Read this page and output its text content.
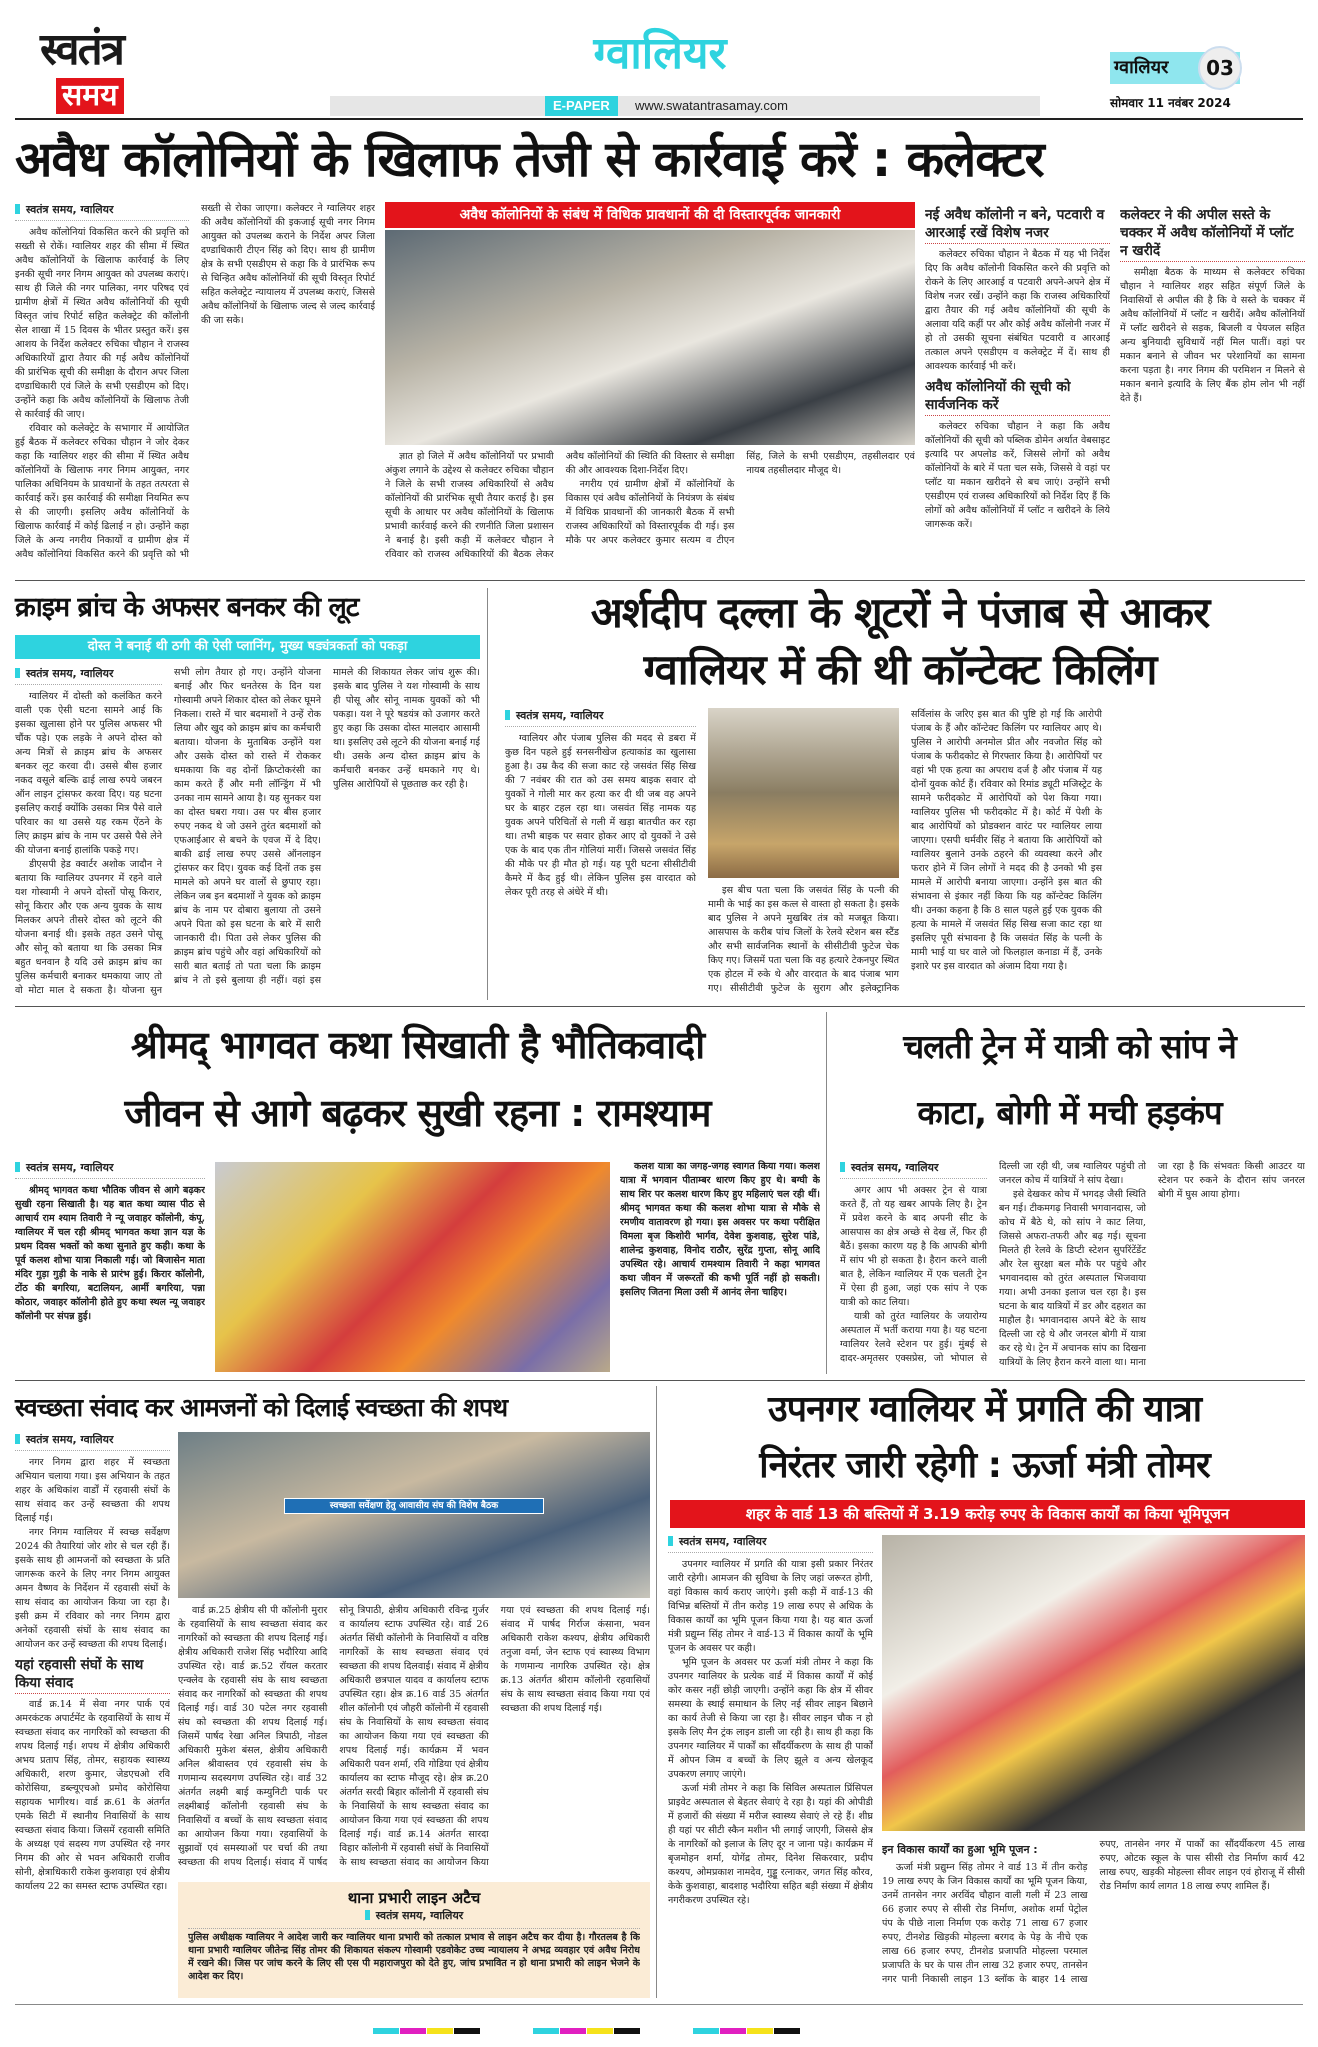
स्वतंत्र
समय
ग्वालियर
E-PAPER	www.swatantrasamay.com
ग्वालियर	03
सोमवार 11 नवंबर 2024
अवैध कॉलोनियों के खिलाफ तेजी से कार्रवाई करें : कलेक्टर
स्वतंत्र समय, ग्वालियर

अवैध कॉलोनियां विकसित करने की प्रवृत्ति को सख्ती से रोकें। ग्वालियर शहर की सीमा में स्थित अवैध कॉलोनियों के खिलाफ कार्रवाई के लिए इनकी सूची नगर निगम आयुक्त को उपलब्ध कराएं। साथ ही जिले की नगर पालिका, नगर परिषद एवं ग्रामीण क्षेत्रों में स्थित अवैध कॉलोनियों की सूची विस्तृत जांच रिपोर्ट सहित कलेक्ट्रेट की कॉलोनी सेल शाखा में 15 दिवस के भीतर प्रस्तुत करें। इस आशय के निर्देश कलेक्टर रुचिका चौहान ने राजस्व अधिकारियों द्वारा तैयार की गई अवैध कॉलोनियों की प्रारंभिक सूची की समीक्षा के दौरान अपर जिला दण्डाधिकारी एवं जिले के सभी एसडीएम को दिए। उन्होंने कहा कि अवैध कॉलोनियों के खिलाफ तेजी से कार्रवाई की जाए।

रविवार को कलेक्ट्रेट के सभागार में आयोजित हुई बैठक में कलेक्टर रुचिका चौहान ने जोर देकर कहा कि ग्वालियर शहर की सीमा में स्थित अवैध कॉलोनियों के खिलाफ नगर निगम आयुक्त, नगर पालिका अधिनियम के प्रावधानों के तहत तत्परता से कार्रवाई करें। इस कार्रवाई की समीक्षा नियमित रूप से की जाएगी। इसलिए अवैध कॉलोनियों के खिलाफ कार्रवाई में कोई ढिलाई न हो। उन्होंने कहा जिले के अन्य नगरीय निकायों व ग्रामीण क्षेत्र में अवैध कॉलोनियां विकसित करने की प्रवृत्ति को भी सख्ती से रोका जाएगा। कलेक्टर ने ग्वालियर शहर की अवैध कॉलोनियों की इकजाई सूची नगर निगम आयुक्त को उपलब्ध कराने के निर्देश अपर जिला दण्डाधिकारी टीएन सिंह को दिए। साथ ही ग्रामीण क्षेत्र के सभी एसडीएम से कहा कि वे प्रारंभिक रूप से चिन्हित अवैध कॉलोनियों की सूची विस्तृत रिपोर्ट सहित कलेक्ट्रेट न्यायालय में उपलब्ध कराएं, जिससे अवैध कॉलोनियों के खिलाफ जल्द से जल्द कार्रवाई की जा सके।

अवैध कॉलोनियों के संबंध में विधिक प्रावधानों की दी विस्तारपूर्वक जानकारी

ज्ञात हो जिले में अवैध कॉलोनियों पर प्रभावी अंकुश लगाने के उद्देश्य से कलेक्टर रुचिका चौहान ने जिले के सभी राजस्व अधिकारियों से अवैध कॉलोनियों की प्रारंभिक सूची तैयार कराई है। इस सूची के आधार पर अवैध कॉलोनियों के खिलाफ प्रभावी कार्रवाई करने की रणनीति जिला प्रशासन ने बनाई है। इसी कड़ी में कलेक्टर चौहान ने रविवार को राजस्व अधिकारियों की बैठक लेकर अवैध कॉलोनियों की स्थिति की विस्तार से समीक्षा की और आवश्यक दिशा-निर्देश दिए।

नगरीय एवं ग्रामीण क्षेत्रों में कॉलोनियों के विकास एवं अवैध कॉलोनियों के नियंत्रण के संबंध में विधिक प्रावधानों की जानकारी बैठक में सभी राजस्व अधिकारियों को विस्तारपूर्वक दी गई। इस मौके पर अपर कलेक्टर कुमार सत्यम व टीएन सिंह, जिले के सभी एसडीएम, तहसीलदार एवं नायब तहसीलदार मौजूद थे।

नई अवैध कॉलोनी न बने, पटवारी व आरआई रखें विशेष नजर

कलेक्टर रुचिका चौहान ने बैठक में यह भी निर्देश दिए कि अवैध कॉलोनी विकसित करने की प्रवृत्ति को रोकने के लिए आरआई व पटवारी अपने-अपने क्षेत्र में विशेष नजर रखें। उन्होंने कहा कि राजस्व अधिकारियों द्वारा तैयार की गई अवैध कॉलोनियों की सूची के अलावा यदि कहीं पर और कोई अवैध कॉलोनी नजर में हो तो उसकी सूचना संबंधित पटवारी व आरआई तत्काल अपने एसडीएम व कलेक्ट्रेट में दें। साथ ही आवश्यक कार्रवाई भी करें।

अवैध कॉलोनियों की सूची को सार्वजनिक करें

कलेक्टर रुचिका चौहान ने कहा कि अवैध कॉलोनियों की सूची को पब्लिक डोमेन अर्थात वेबसाइट इत्यादि पर अपलोड करें, जिससे लोगों को अवैध कॉलोनियों के बारे में पता चल सके, जिससे वे वहां पर प्लॉट या मकान खरीदने से बच जाएं। उन्होंने सभी एसडीएम एवं राजस्व अधिकारियों को निर्देश दिए हैं कि लोगों को अवैध कॉलोनियों में प्लॉट न खरीदने के लिये जागरूक करें।

कलेक्टर ने की अपील सस्ते के चक्कर में अवैध कॉलोनियों में प्लॉट न खरीदें

समीक्षा बैठक के माध्यम से कलेक्टर रुचिका चौहान ने ग्वालियर शहर सहित संपूर्ण जिले के निवासियों से अपील की है कि वे सस्ते के चक्कर में अवैध कॉलोनियों में प्लॉट न खरीदें। अवैध कॉलोनियों में प्लॉट खरीदने से सड़क, बिजली व पेयजल सहित अन्य बुनियादी सुविधायें नहीं मिल पातीं। वहां पर मकान बनाने से जीवन भर परेशानियों का सामना करना पड़ता है। नगर निगम की परमिशन न मिलने से मकान बनाने इत्यादि के लिए बैंक होम लोन भी नहीं देते हैं।

क्राइम ब्रांच के अफसर बनकर की लूट
दोस्त ने बनाई थी ठगी की ऐसी प्लानिंग, मुख्य षड्यंत्रकर्ता को पकड़ा
स्वतंत्र समय, ग्वालियर

ग्वालियर में दोस्ती को कलंकित करने वाली एक ऐसी घटना सामने आई कि इसका खुलासा होने पर पुलिस अफसर भी चौंक पड़े। एक लड़के ने अपने दोस्त को अन्य मित्रों से क्राइम ब्रांच के अफसर बनकर लूट करवा दी। उससे बीस हजार नकद वसूले बल्कि ढाई लाख रुपये जबरन ऑन लाइन ट्रांसफर करवा दिए। यह घटना इसलिए कराई क्योंकि उसका मित्र पैसे वाले परिवार का था उससे यह रकम ऐंठने के लिए क्राइम ब्रांच के नाम पर उससे पैसे लेने की योजना बनाई हालांकि पकड़े गए।

डीएसपी हेड क्वार्टर अशोक जादौन ने बताया कि ग्वालियर उपनगर में रहने वाले यश गोस्वामी ने अपने दोस्तों पोसू किरार, सोनू किरार और एक अन्य युवक के साथ मिलकर अपने तीसरे दोस्त को लूटने की योजना बनाई थी। इसके तहत उसने पोसू और सोनू को बताया था कि उसका मित्र बहुत धनवान है यदि उसे क्राइम ब्रांच का पुलिस कर्मचारी बनाकर धमकाया जाए तो वो मोटा माल दे सकता है। योजना सुन सभी लोग तैयार हो गए। उन्होंने योजना बनाई और फिर धनतेरस के दिन यश गोस्वामी अपने शिकार दोस्त को लेकर घूमने निकला। रास्ते में चार बदमाशों ने उन्हें रोक लिया और खुद को क्राइम ब्रांच का कर्मचारी बताया। योजना के मुताबिक उन्होंने यश और उसके दोस्त को रास्ते में रोककर धमकाया कि वह दोनों क्रिप्टोकरंसी का काम करते हैं और मनी लॉन्ड्रिंग में भी उनका नाम सामने आया है। यह सुनकर यश का दोस्त घबरा गया। उस पर बीस हजार रुपए नकद थे जो उसने तुरंत बदमाशों को एफआईआर से बचने के एवज में दे दिए। बाकी ढाई लाख रुपए उससे ऑनलाइन ट्रांसफर कर दिए। युवक कई दिनों तक इस मामले को अपने घर वालों से छुपाए रहा। लेकिन जब इन बदमाशों ने युवक को क्राइम ब्रांच के नाम पर दोबारा बुलाया तो उसने अपने पिता को इस घटना के बारे में सारी जानकारी दी। पिता उसे लेकर पुलिस की क्राइम ब्रांच पहुंचे और वहां अधिकारियों को सारी बात बताई तो पता चला कि क्राइम ब्रांच ने तो इसे बुलाया ही नहीं। वहां इस मामले की शिकायत लेकर जांच शुरू की। इसके बाद पुलिस ने यश गोस्वामी के साथ ही पोसू और सोनू नामक युवकों को भी पकड़ा। यश ने पूरे षडयंत्र को उजागर करते हुए कहा कि उसका दोस्त मालदार आसामी था। इसलिए उसे लूटने की योजना बनाई गई थी। उसके अन्य दोस्त क्राइम ब्रांच के कर्मचारी बनकर उन्हें धमकाने गए थे। पुलिस आरोपियों से पूछताछ कर रही है।

अर्शदीप दल्ला के शूटरों ने पंजाब से आकर
ग्वालियर में की थी कॉन्टेक्ट किलिंग
स्वतंत्र समय, ग्वालियर

ग्वालियर और पंजाब पुलिस की मदद से डबरा में कुछ दिन पहले हुई सनसनीखेज हत्याकांड का खुलासा हुआ है। उम्र कैद की सजा काट रहे जसवंत सिंह सिख की 7 नवंबर की रात को उस समय बाइक सवार दो युवकों ने गोली मार कर हत्या कर दी थी जब वह अपने घर के बाहर टहल रहा था। जसवंत सिंह नामक यह युवक अपने परिचितों से गली में खड़ा बातचीत कर रहा था। तभी बाइक पर सवार होकर आए दो युवकों ने उसे एक के बाद एक तीन गोलियां मारीं। जिससे जसवंत सिंह की मौके पर ही मौत हो गई। यह पूरी घटना सीसीटीवी कैमरे में कैद हुई थी। लेकिन पुलिस इस वारदात को लेकर पूरी तरह से अंधेरे में थी।	इस बीच पता चला कि जसवंत सिंह के पत्नी की मामी के भाई का इस कत्ल से वास्ता हो सकता है। इसके बाद पुलिस ने अपने मुखबिर तंत्र को मजबूत किया। आसपास के करीब पांच जिलों के रेलवे स्टेशन बस स्टैंड और सभी सार्वजनिक स्थानों के सीसीटीवी फुटेज चेक किए गए। जिसमें पता चला कि वह हत्यारे टेकनपुर स्थित एक होटल में रुके थे और वारदात के बाद पंजाब भाग गए। सीसीटीवी फुटेज के सुराग और इलेक्ट्रानिक सर्विलांस के जरिए इस बात की पुष्टि हो गई कि आरोपी पंजाब के हैं और कॉन्टेक्ट किलिंग पर ग्वालियर आए थे। पुलिस ने आरोपी अनमोल प्रीत और नवजोत सिंह को पंजाब के फरीदकोट से गिरफ्तार किया है। आरोपियों पर वहां भी एक हत्या का अपराध दर्ज है और पंजाब में यह दोनों युवक कोर्ट हैं। रविवार को रिमांड ड्यूटी मजिस्ट्रेट के सामने फरीदकोट में आरोपियों को पेश किया गया। ग्वालियर पुलिस भी फरीदकोट में है। कोर्ट में पेशी के बाद आरोपियों को प्रोडक्शन वारंट पर ग्वालियर लाया जाएगा। एसपी धर्मवीर सिंह ने बताया कि आरोपियों को ग्वालियर बुलाने उनके ठहरने की व्यवस्था करने और फरार होने में जिन लोगों ने मदद की है उनको भी इस मामले में आरोपी बनाया जाएगा। उन्होंने इस बात की संभावना से इंकार नहीं किया कि यह कॉन्टेक्ट किलिंग थी। उनका कहना है कि 8 साल पहले हुई एक युवक की हत्या के मामले में जसवंत सिंह सिख सजा काट रहा था इसलिए पूरी संभावना है कि जसवंत सिंह के पत्नी के मामी भाई या घर वाले जो फिलहाल कनाडा में हैं, उनके इशारे पर इस वारदात को अंजाम दिया गया है।

श्रीमद् भागवत कथा सिखाती है भौतिकवादी
जीवन से आगे बढ़कर सुखी रहना : रामश्याम
स्वतंत्र समय, ग्वालियर

श्रीमद् भागवत कथा भौतिक जीवन से आगे बढ़कर सुखी रहना सिखाती है। यह बात कथा व्यास पीठ से आचार्य राम श्याम तिवारी ने न्यू जवाहर कॉलोनी, कंपू, ग्वालियर में चल रही श्रीमद् भागवत कथा ज्ञान यज्ञ के प्रथम दिवस भक्तों को कथा सुनाते हुए कही। कथा के पूर्व कलश शोभा यात्रा निकाली गई। जो बिजासेन माता मंदिर गुड़ा गुड़ी के नाके से प्रारंभ हुई। किरार कॉलोनी, टोंठ की बगरिया, बटालियन, आर्मी बगरिया, पन्ना कोठार, जवाहर कॉलोनी होते हुए कथा स्थल न्यू जवाहर कॉलोनी पर संपन्न हुई।

कलश यात्रा का जगह-जगह स्वागत किया गया। कलश यात्रा में भगवान पीताम्बर धारण किए हुए थे। बग्घी के साथ शिर पर कलश धारण किए हुए महिलाएं चल रही थीं। श्रीमद् भागवत कथा की कलश शोभा यात्रा से मौके से रमणीय वातावरण हो गया। इस अवसर पर कथा परीक्षित विमला बृज किशोरी भार्गव, देवेश कुशवाह, सुरेश पांडे, शालेन्द्र कुशवाह, विनोद राठौर, सुरेंद्र गुप्ता, सोनू आदि उपस्थित रहे। आचार्य रामश्याम तिवारी ने कहा भागवत कथा जीवन में जरूरतों की कभी पूर्ति नहीं हो सकती। इसलिए जितना मिला उसी में आनंद लेना चाहिए।

चलती ट्रेन में यात्री को सांप ने
काटा, बोगी में मची हड़कंप
स्वतंत्र समय, ग्वालियर

अगर आप भी अक्सर ट्रेन से यात्रा करते हैं, तो यह खबर आपके लिए है। ट्रेन में प्रवेश करने के बाद अपनी सीट के आसपास का क्षेत्र अच्छे से देख लें, फिर ही बैठें। इसका कारण यह है कि आपकी बोगी में सांप भी हो सकता है। हैरान करने वाली बात है, लेकिन ग्वालियर में एक चलती ट्रेन में ऐसा ही हुआ, जहां एक सांप ने एक यात्री को काट लिया।

यात्री को तुरंत ग्वालियर के जयारोग्य अस्पताल में भर्ती कराया गया है। यह घटना ग्वालियर रेलवे स्टेशन पर हुई। मुंबई से दादर-अमृतसर एक्सप्रेस, जो भोपाल से दिल्ली जा रही थी, जब ग्वालियर पहुंची तो जनरल कोच में यात्रियों ने सांप देखा।

इसे देखकर कोच में भगदड़ जैसी स्थिति बन गई। टीकमगढ़ निवासी भगवानदास, जो कोच में बैठे थे, को सांप ने काट लिया, जिससे अफरा-तफरी और बढ़ गई। सूचना मिलते ही रेलवे के डिप्टी स्टेशन सुपरिंटेंडेंट और रेल सुरक्षा बल मौके पर पहुंचे और भगवानदास को तुरंत अस्पताल भिजवाया गया। अभी उनका इलाज चल रहा है। इस घटना के बाद यात्रियों में डर और दहशत का माहौल है। भगवानदास अपने बेटे के साथ दिल्ली जा रहे थे और जनरल बोगी में यात्रा कर रहे थे। ट्रेन में अचानक सांप का दिखना यात्रियों के लिए हैरान करने वाला था। माना जा रहा है कि संभवतः किसी आउटर या स्टेशन पर रुकने के दौरान सांप जनरल बोगी में घुस आया होगा।

स्वच्छता संवाद कर आमजनों को दिलाई स्वच्छता की शपथ
स्वतंत्र समय, ग्वालियर

नगर निगम द्वारा शहर में स्वच्छता अभियान चलाया गया। इस अभियान के तहत शहर के अधिकांश वार्डों में रहवासी संघों के साथ संवाद कर उन्हें स्वच्छता की शपथ दिलाई गई।

नगर निगम ग्वालियर में स्वच्छ सर्वेक्षण 2024 की तैयारियां जोर शोर से चल रही हैं। इसके साथ ही आमजनों को स्वच्छता के प्रति जागरूक करने के लिए नगर निगम आयुक्त अमन वैष्णव के निर्देशन में रहवासी संघों के साथ संवाद का आयोजन किया जा रहा है। इसी क्रम में रविवार को नगर निगम द्वारा अनेकों रहवासी संघों के साथ संवाद का आयोजन कर उन्हें स्वच्छता की शपथ दिलाई।

यहां रहवासी संघों के साथ किया संवाद

वार्ड क्र.14 में सेवा नगर पार्क एवं अमरकंटक अपार्टमेंट के रहवासियों के साथ में स्वच्छता संवाद कर नागरिकों को स्वच्छता की शपथ दिलाई गई। शपथ में क्षेत्रीय अधिकारी अभय प्रताप सिंह, तोमर, सहायक स्वास्थ्य अधिकारी, शरण कुमार, जेडएचओ रवि कोरोसिया, डब्ल्यूएचओ प्रमोद कोरोसिया सहायक भागीरथ। वार्ड क्र.61 के अंतर्गत एमके सिटी में स्थानीय निवासियों के साथ स्वच्छता संवाद किया। जिसमें रहवासी समिति के अध्यक्ष एवं सदस्य गण उपस्थित रहे नगर निगम की ओर से भवन अधिकारी राजीव सोनी, क्षेत्राधिकारी राकेश कुशवाहा एवं क्षेत्रीय कार्यालय 22 का समस्त स्टाफ उपस्थित रहा।

स्वच्छता सर्वेक्षण हेतु आवासीय संघ की विशेष बैठक

वार्ड क्र.25 क्षेत्रीय सी पी कॉलोनी मुरार के रहवासियों के साथ स्वच्छता संवाद कर नागरिकों को स्वच्छता की शपथ दिलाई गई। क्षेत्रीय अधिकारी राजेश सिंह भदौरिया आदि उपस्थित रहे। वार्ड क्र.52 रॉयल करतार एन्क्लेव के रहवासी संघ के साथ स्वच्छता संवाद कर नागरिकों को स्वच्छता की शपथ दिलाई गई। वार्ड 30 पटेल नगर रहवासी संघ को स्वच्छता की शपथ दिलाई गई। जिसमें पार्षद रेखा अनिल त्रिपाठी, नोडल अधिकारी मुकेश बंसल, क्षेत्रीय अधिकारी अनिल श्रीवास्तव एवं रहवासी संघ के गणमान्य सदस्यगण उपस्थित रहे। वार्ड 32 अंतर्गत लक्ष्मी बाई कम्युनिटी पार्क पर लक्ष्मीबाई कॉलोनी रहवासी संघ के निवासियों व बच्चों के साथ स्वच्छता संवाद का आयोजन किया गया। रहवासियों के सुझावों एवं समस्याओं पर चर्चा की तथा स्वच्छता की शपथ दिलाई। संवाद में पार्षद सोनू त्रिपाठी, क्षेत्रीय अधिकारी रविन्द्र गुर्जर व कार्यालय स्टाफ उपस्थित रहे। वार्ड 26 अंतर्गत सिंधी कॉलोनी के निवासियों व वरिष्ठ नागरिकों के साथ स्वच्छता संवाद एवं स्वच्छता की शपथ दिलवाई। संवाद में क्षेत्रीय अधिकारी छत्रपाल यादव व कार्यालय स्टाफ उपस्थित रहा। क्षेत्र क्र.16 वार्ड 35 अंतर्गत शील कॉलोनी एवं जौहरी कॉलोनी में रहवासी संघ के निवासियों के साथ स्वच्छता संवाद का आयोजन किया गया एवं स्वच्छता की शपथ दिलाई गई। कार्यक्रम में भवन अधिकारी पवन शर्मा, रवि गोडिया एवं क्षेत्रीय कार्यालय का स्टाफ मौजूद रहे। क्षेत्र क्र.20 अंतर्गत सरदी बिहार कॉलोनी में रहवासी संघ के निवासियों के साथ स्वच्छता संवाद का आयोजन किया गया एवं स्वच्छता की शपथ दिलाई गई। वार्ड क्र.14 अंतर्गत सारदा विहार कॉलोनी में रहवासी संघों के निवासियों के साथ स्वच्छता संवाद का आयोजन किया गया एवं स्वच्छता की शपथ दिलाई गई। संवाद में पार्षद गिर्राज कंसाना, भवन अधिकारी राकेश कश्यप, क्षेत्रीय अधिकारी तनुजा वर्मा, जेन स्टाफ एवं स्वास्थ्य विभाग के गणमान्य नागरिक उपस्थित रहे। क्षेत्र क्र.13 अंतर्गत श्रीराम कॉलोनी रहवासियों संघ के साथ स्वच्छता संवाद किया गया एवं स्वच्छता की शपथ दिलाई गई।

थाना प्रभारी लाइन अटैच
स्वतंत्र समय, ग्वालियर
पुलिस अधीक्षक ग्वालियर ने आदेश जारी कर ग्वालियर थाना प्रभारी को तत्काल प्रभाव से लाइन अटैच कर दीया है। गौरतलब है कि थाना प्रभारी ग्वालियर जीतेन्द्र सिंह तोमर की शिकायत संकल्प गोस्वामी एडवोकेट उच्च न्यायालय ने अभद्र व्यवहार एवं अवैध निरोध में रखने की। जिस पर जांच करने के लिए सी एस पी महाराजपुरा को देते हुए, जांच प्रभावित न हो थाना प्रभारी को लाइन भेजने के आदेश कर दिए।
उपनगर ग्वालियर में प्रगति की यात्रा
निरंतर जारी रहेगी : ऊर्जा मंत्री तोमर
शहर के वार्ड 13 की बस्तियों में 3.19 करोड़ रुपए के विकास कार्यों का किया भूमिपूजन
स्वतंत्र समय, ग्वालियर

उपनगर ग्वालियर में प्रगति की यात्रा इसी प्रकार निरंतर जारी रहेगी। आमजन की सुविधा के लिए जहां जरूरत होगी, वहां विकास कार्य कराए जाएंगे। इसी कड़ी में वार्ड-13 की विभिन्न बस्तियों में तीन करोड़ 19 लाख रुपए से अधिक के विकास कार्यों का भूमि पूजन किया गया है। यह बात ऊर्जा मंत्री प्रद्युम्न सिंह तोमर ने वार्ड-13 में विकास कार्यों के भूमि पूजन के अवसर पर कही।

भूमि पूजन के अवसर पर ऊर्जा मंत्री तोमर ने कहा कि उपनगर ग्वालियर के प्रत्येक वार्ड में विकास कार्यों में कोई कोर कसर नहीं छोड़ी जाएगी। उन्होंने कहा कि क्षेत्र में सीवर समस्या के स्थाई समाधान के लिए नई सीवर लाइन बिछाने का कार्य तेजी से किया जा रहा है। सीवर लाइन चौक न हो इसके लिए मैन ट्रंक लाइन डाली जा रही है। साथ ही कहा कि उपनगर ग्वालियर में पार्कों का सौंदर्यीकरण के साथ ही पार्कों में ओपन जिम व बच्चों के लिए झूले व अन्य खेलकूद उपकरण लगाए जाएंगे।

ऊर्जा मंत्री तोमर ने कहा कि सिविल अस्पताल प्रिंसिपल प्राइवेट अस्पताल से बेहतर सेवाएं दे रहा है। यहां की ओपीडी में हजारों की संख्या में मरीज स्वास्थ्य सेवाएं ले रहे हैं। शीघ्र ही यहां पर सीटी स्कैन मशीन भी लगाई जाएगी, जिससे क्षेत्र के नागरिकों को इलाज के लिए दूर न जाना पड़े। कार्यक्रम में बृजमोहन शर्मा, योगेंद्र तोमर, दिनेश सिकरवार, प्रदीप कश्यप, ओमप्रकाश नामदेव, गुड्डू रत्नाकर, जगत सिंह कौरव, केके कुशवाहा, बादशाह भदौरिया सहित बड़ी संख्या में क्षेत्रीय नगरीकरण उपस्थित रहे।

इन विकास कार्यों का हुआ भूमि पूजन :

ऊर्जा मंत्री प्रद्युम्न सिंह तोमर ने वार्ड 13 में तीन करोड़ 19 लाख रुपए के जिन विकास कार्यों का भूमि पूजन किया, उनमें तानसेन नगर अरविंद चौहान वाली गली में 23 लाख 66 हजार रुपए से सीसी रोड निर्माण, अशोक शर्मा पेट्रोल पंप के पीछे नाला निर्माण एक करोड़ 71 लाख 67 हजार रुपए, टीनशेड खिड़की मोहल्ला बरगद के पेड़ के नीचे एक लाख 66 हजार रुपए, टीनशेड प्रजापति मोहल्ला परमाल प्रजापति के घर के पास तीन लाख 32 हजार रुपए, तानसेन नगर पानी निकासी लाइन 13 ब्लॉक के बाहर 14 लाख रुपए, तानसेन नगर में पार्कों का सौंदर्यीकरण 45 लाख रुपए, ओटक स्कूल के पास सीसी रोड निर्माण कार्य 42 लाख रुपए, खड़की मोहल्ला सीवर लाइन एवं होराजू में सीसी रोड निर्माण कार्य लागत 18 लाख रुपए शामिल हैं।
